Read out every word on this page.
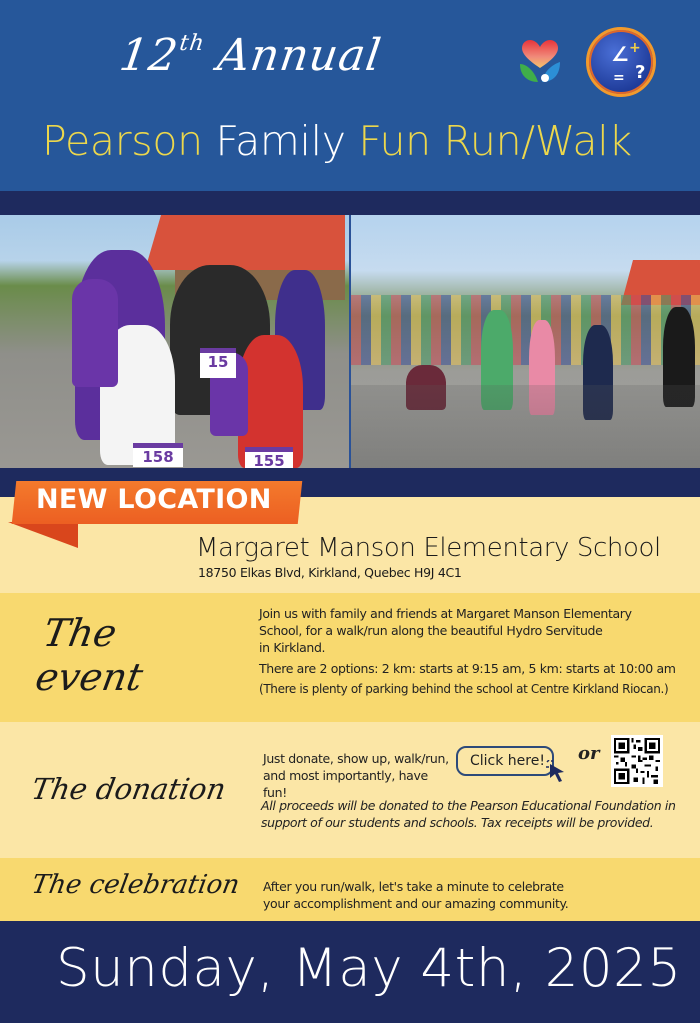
12th Annual
Pearson Family Fun Run/Walk
∠ +
= ?
158	155
15
NEW LOCATION
Margaret Manson Elementary School
18750 Elkas Blvd, Kirkland, Quebec H9J 4C1
The
event

Join us with family and friends at Margaret Manson Elementary

School, for a walk/run along the beautiful Hydro Servitude

in Kirkland.

There are 2 options: 2 km: starts at 9:15 am, 5 km: starts at 10:00 am

(There is plenty of parking behind the school at Centre Kirkland Riocan.)

The donation

Just donate, show up, walk/run,

and most importantly, have fun!

All proceeds will be donated to the Pearson Educational Foundation in

support of our students and schools. Tax receipts will be provided.

Click here!	or
The celebration After you run/walk, let's take a minute to celebrate

your accomplishment and our amazing community.

Sunday, May 4th, 2025
